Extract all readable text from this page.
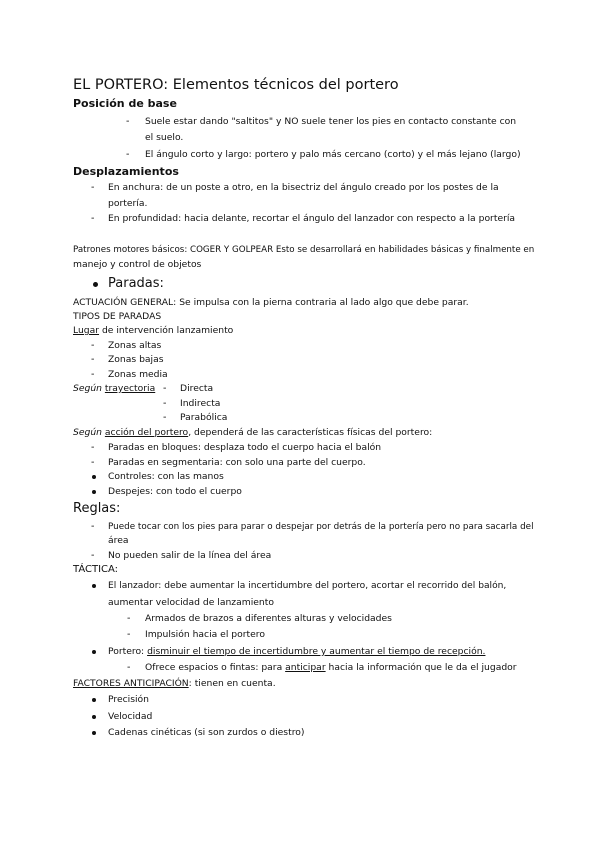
EL PORTERO: Elementos técnicos del portero
Posición de base
- Suele estar dando "saltitos" y NO suele tener los pies en contacto constante con
el suelo.
- El ángulo corto y largo: portero y palo más cercano (corto) y el más lejano (largo)
Desplazamientos
- En anchura: de un poste a otro, en la bisectriz del ángulo creado por los postes de la
portería.
- En profundidad: hacia delante, recortar el ángulo del lanzador con respecto a la portería
Patrones motores básicos: COGER Y GOLPEAR Esto se desarrollará en habilidades básicas y finalmente en
manejo y control de objetos
Paradas:
ACTUACIÓN GENERAL: Se impulsa con la pierna contraria al lado algo que debe parar.
TIPOS DE PARADAS
Lugar de intervención lanzamiento
- Zonas altas
- Zonas bajas
- Zonas media
Según trayectoria - Directa
- Indirecta
- Parabólica
Según acción del portero, dependerá de las características físicas del portero:
- Paradas en bloques: desplaza todo el cuerpo hacia el balón
- Paradas en segmentaria: con solo una parte del cuerpo.
Controles: con las manos
Despejes: con todo el cuerpo
Reglas:
- Puede tocar con los pies para parar o despejar por detrás de la portería pero no para sacarla del
área
- No pueden salir de la línea del área
TÁCTICA:
El lanzador: debe aumentar la incertidumbre del portero, acortar el recorrido del balón,
aumentar velocidad de lanzamiento
- Armados de brazos a diferentes alturas y velocidades
- Impulsión hacia el portero
Portero: disminuir el tiempo de incertidumbre y aumentar el tiempo de recepción.
- Ofrece espacios o fintas: para anticipar hacia la información que le da el jugador
FACTORES ANTICIPACIÓN: tienen en cuenta.
Precisión
Velocidad
Cadenas cinéticas (si son zurdos o diestro)
